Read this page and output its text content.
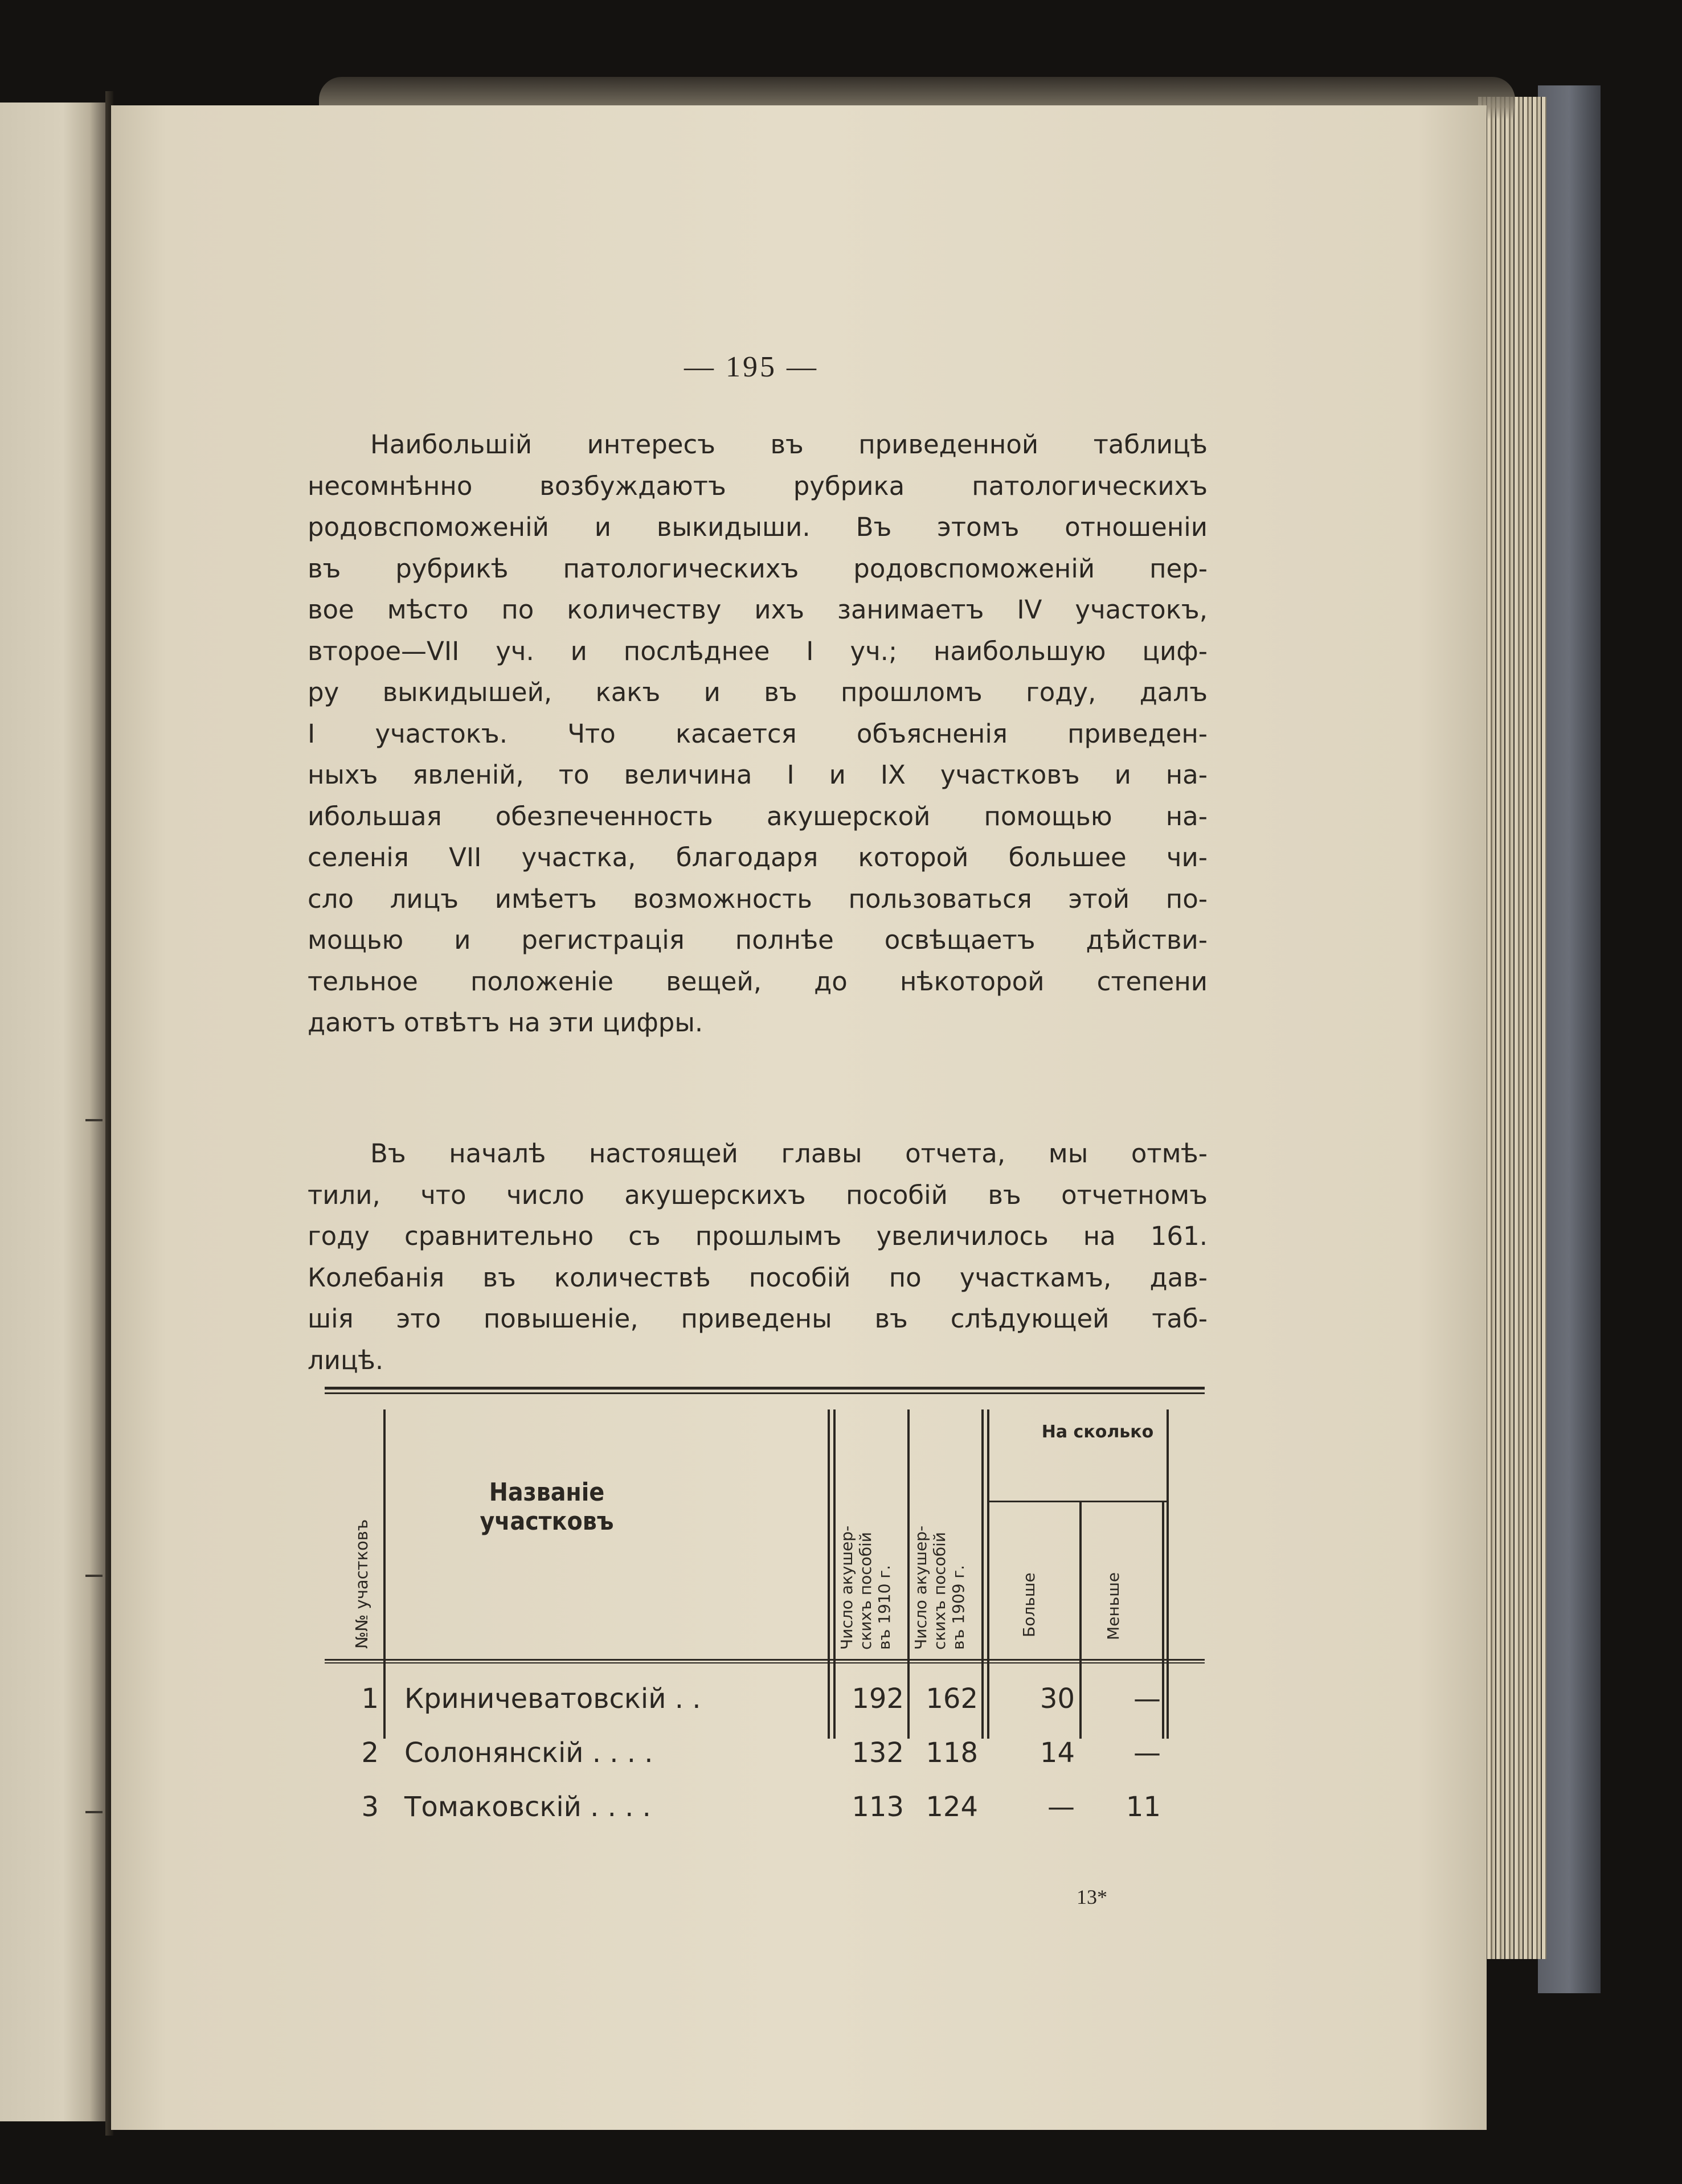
— 195 —
Наибольшій интересъ въ приведенной таблицѣ
несомнѣнно возбуждаютъ рубрика патологическихъ
родовспоможеній и выкидыши. Въ этомъ отношеніи
въ рубрикѣ патологическихъ родовспоможеній пер-
вое мѣсто по количеству ихъ занимаетъ IV участокъ,
второе—VII уч. и послѣднее I уч.; наибольшую циф-
ру выкидышей, какъ и въ прошломъ году, далъ
I участокъ. Что касается объясненія приведен-
ныхъ явленій, то величина I и IX участковъ и на-
ибольшая обезпеченность акушерской помощью на-
селенія VII участка, благодаря которой большее чи-
сло лицъ имѣетъ возможность пользоваться этой по-
мощью и регистрація полнѣе освѣщаетъ дѣйстви-
тельное положеніе вещей, до нѣкоторой степени
даютъ отвѣтъ на эти цифры.
Въ началѣ настоящей главы отчета, мы отмѣ-
тили, что число акушерскихъ пособій въ отчетномъ
году сравнительно съ прошлымъ увеличилось на 161.
Колебанія въ количествѣ пособій по участкамъ, дав-
шія это повышеніе, приведены въ слѣдующей таб-
лицѣ.
№№ участковъ
Названіе участковъ
Число акушер- скихъ пособій въ 1910 г. Число акушер- скихъ пособій въ 1909 г.
На сколько
Больше	Меньше
1 Криничеватовскій . .	192 162	30	—
2 Солонянскій . . . .	132 118	14	—
3 Томаковскій . . . .	113 124	—	11
13*
